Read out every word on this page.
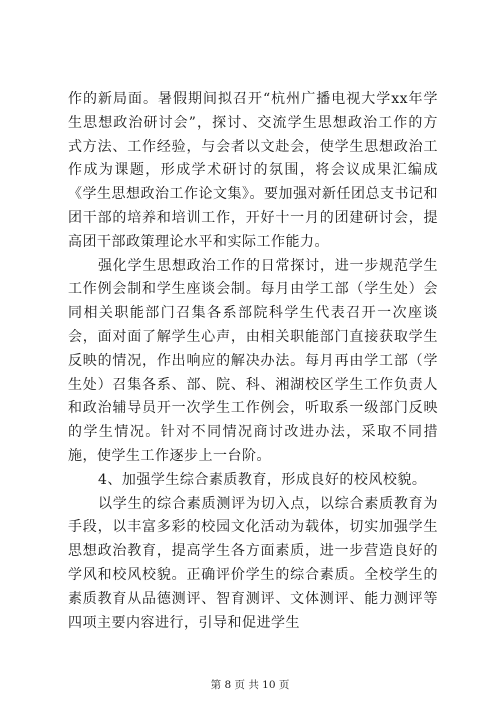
作的新局面。暑假期间拟召开“杭州广播电视大学xx年学生思想政治研讨会”，探讨、交流学生思想政治工作的方式方法、工作经验，与会者以文赴会，使学生思想政治工作成为课题，形成学术研讨的氛围，将会议成果汇编成《学生思想政治工作论文集》。要加强对新任团总支书记和团干部的培养和培训工作，开好十一月的团建研讨会，提高团干部政策理论水平和实际工作能力。

强化学生思想政治工作的日常探讨，进一步规范学生工作例会制和学生座谈会制。每月由学工部（学生处）会同相关职能部门召集各系部院科学生代表召开一次座谈会，面对面了解学生心声，由相关职能部门直接获取学生反映的情况，作出响应的解决办法。每月再由学工部（学生处）召集各系、部、院、科、湘湖校区学生工作负责人和政治辅导员开一次学生工作例会，听取系一级部门反映的学生情况。针对不同情况商讨改进办法，采取不同措施，使学生工作逐步上一台阶。

4、加强学生综合素质教育，形成良好的校风校貌。

以学生的综合素质测评为切入点，以综合素质教育为手段，以丰富多彩的校园文化活动为载体，切实加强学生思想政治教育，提高学生各方面素质，进一步营造良好的学风和校风校貌。正确评价学生的综合素质。全校学生的素质教育从品德测评、智育测评、文体测评、能力测评等四项主要内容进行，引导和促进学生

第 8 页 共 10 页
